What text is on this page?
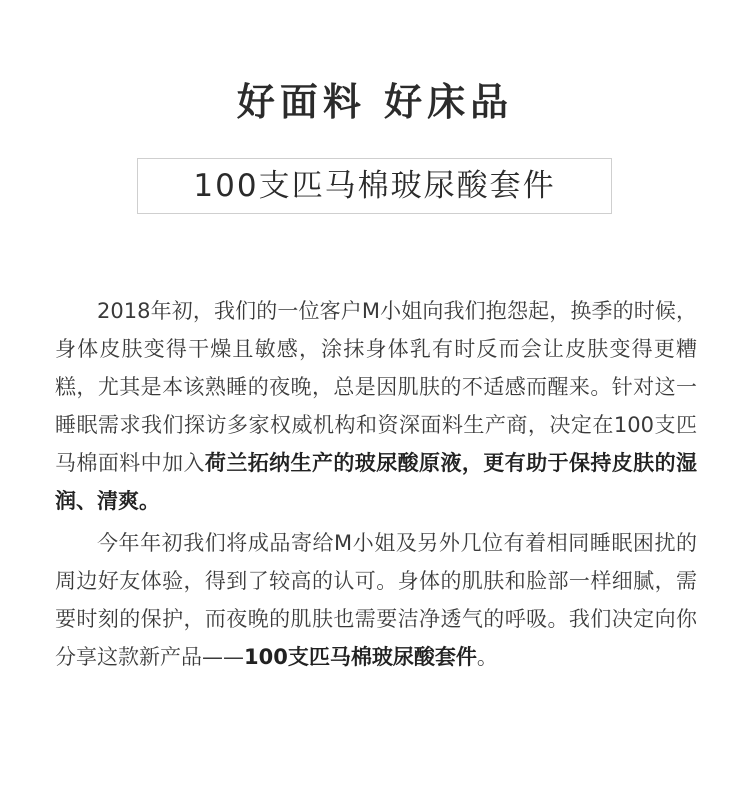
好面料 好床品
100支匹马棉玻尿酸套件

2018年初，我们的一位客户M小姐向我们抱怨起，换季的时候，身体皮肤变得干燥且敏感，涂抹身体乳有时反而会让皮肤变得更糟糕，尤其是本该熟睡的夜晚，总是因肌肤的不适感而醒来。针对这一睡眠需求我们探访多家权威机构和资深面料生产商，决定在100支匹马棉面料中加入荷兰拓纳生产的玻尿酸原液，更有助于保持皮肤的湿润、清爽。

今年年初我们将成品寄给M小姐及另外几位有着相同睡眠困扰的周边好友体验，得到了较高的认可。身体的肌肤和脸部一样细腻，需要时刻的保护，而夜晚的肌肤也需要洁净透气的呼吸。我们决定向你分享这款新产品——100支匹马棉玻尿酸套件。
